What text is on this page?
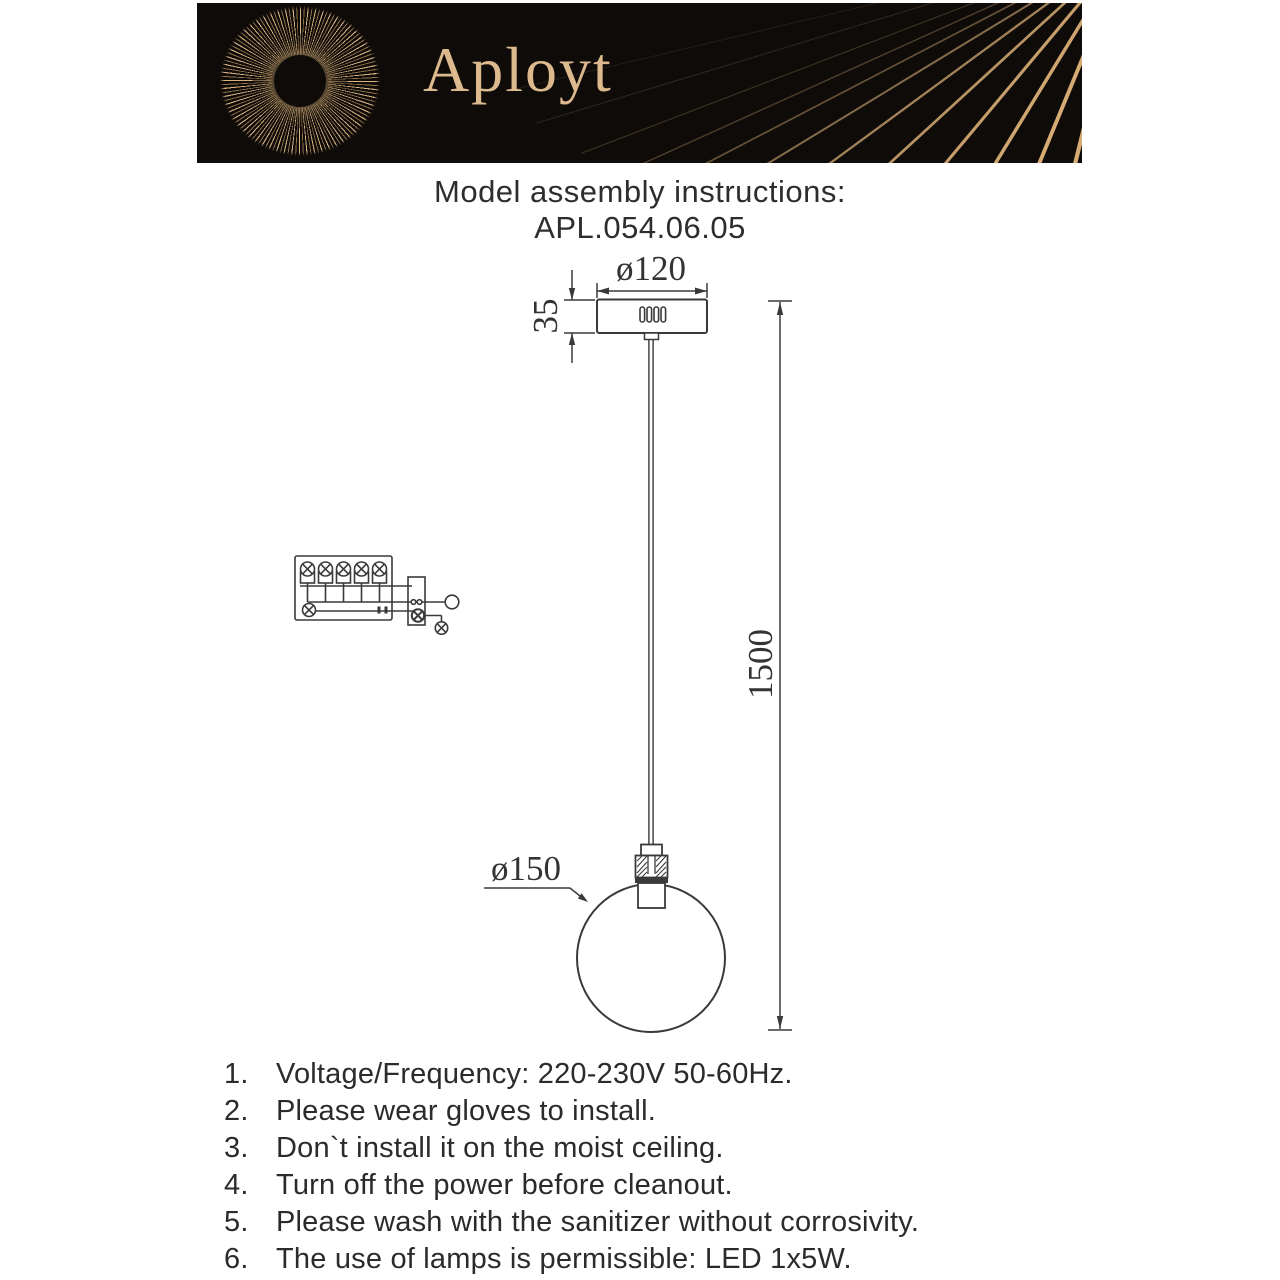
Aployt
Model assembly instructions:
APL.054.06.05
ø120
35
1500
ø150
1. Voltage/Frequency: 220-230V 50-60Hz.
2. Please wear gloves to install.
3. Don`t install it on the moist ceiling.
4. Turn off the power before cleanout.
5. Please wash with the sanitizer without corrosivity.
6. The use of lamps is permissible: LED 1x5W.
